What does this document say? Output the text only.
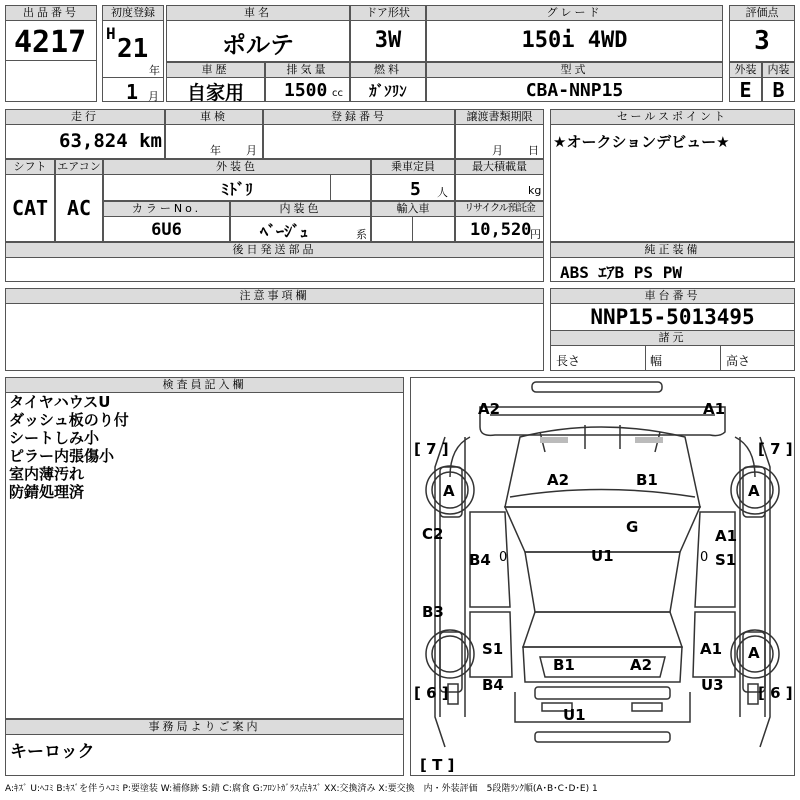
出品番号
4217
初度登録
H
21
年
1 月
車名
ポルテ
ドア形状
3W
グレード
150i 4WD
評価点
3
車歴
自家用
排気量
1500 cc
燃料
ｶﾞｿﾘﾝ
型式
CBA-NNP15
外装
E
内装
B
走行
63,824 km
車検
年 月
登録番号	譲渡書類期限
月 日
セールスポイント
★オークションデビュー★
シフト
CAT
エアコン
AC
外装色
ﾐﾄﾞﾘ
乗車定員
5 人
最大積載量
kg
カラーNo.
6U6
内装色
ﾍﾞｰｼﾞｭ	系
輸入車	リサイクル預託金
10,520
円
後日発送部品	純正装備
ABS ｴｱB PS PW
注意事項欄	車台番号
NNP15-5013495
諸元
長さ	幅	高さ
検査員記入欄
タイヤハウスU
ダッシュ板のり付
シートしみ小
ピラー内張傷小
室内薄汚れ
防錆処理済
事務局よりご案内
キーロック
[ 7 ]	[ 7 ]
[ 6 ]	[ 6 ]
[ T ]
A2	A1
A2	B1
G
C2
B4 0	U1	0
A1
S1
B3
S1	A1
B1	A2
B4	U3
U1
A	A
A
A:ｷｽﾞ U:ﾍｺﾐ B:ｷｽﾞを伴うﾍｺﾐ P:要塗装 W:補修跡 S:錆 C:腐食 G:ﾌﾛﾝﾄｶﾞﾗｽ点ｷｽﾞ XX:交換済み X:要交換　内・外装評価　5段階ﾗﾝｸ順(A･B･C･D･E) 1
